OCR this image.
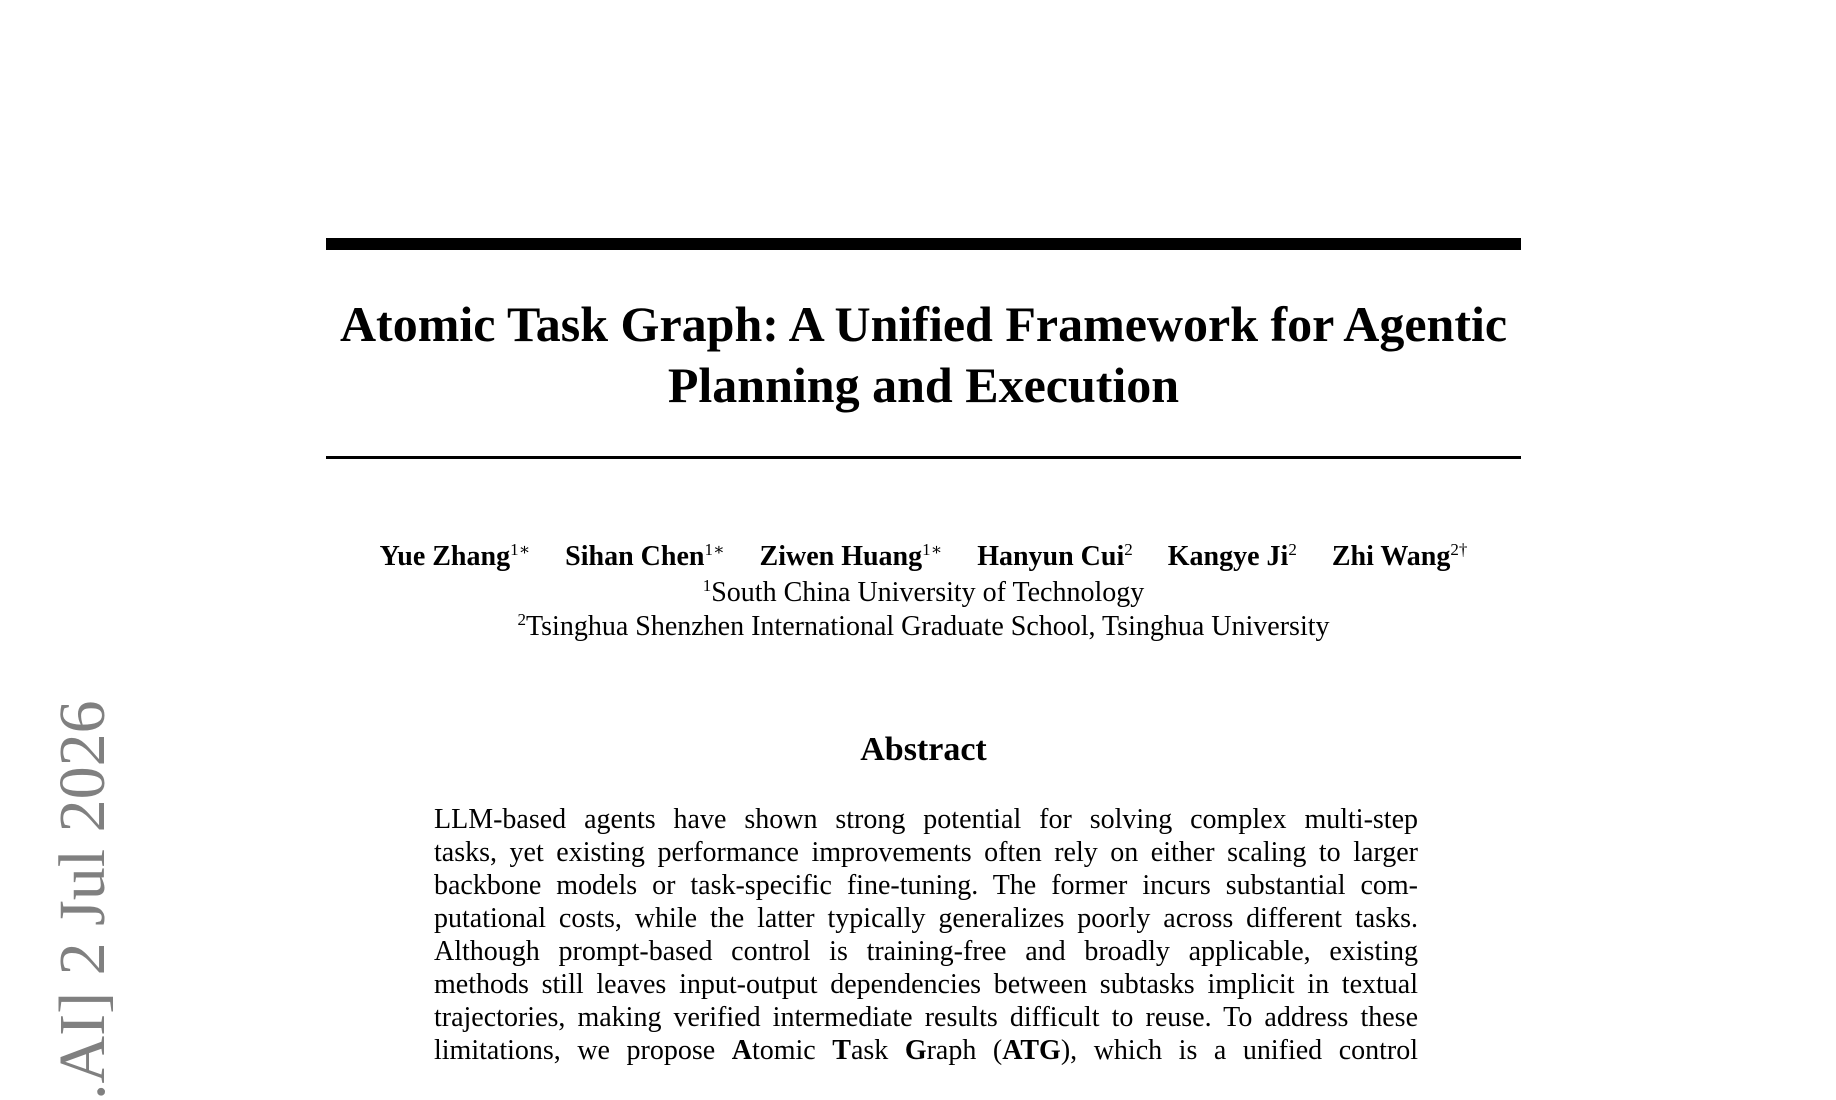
Atomic Task Graph: A Unified Framework for Agentic
Planning and Execution
Yue Zhang$^{1∗}$ Sihan Chen$^{1∗}$ Ziwen Huang$^{1∗}$ Hanyun Cui$^2$ Kangye Ji$^2$ Zhi Wang$^{2\dagger}$
$^1$South China University of Technology
$^2$Tsinghua Shenzhen International Graduate School, Tsinghua University
Abstract
LLM-based agents have shown strong potential for solving complex multi-step
tasks, yet existing performance improvements often rely on either scaling to larger
backbone models or task-specific fine-tuning. The former incurs substantial com-
putational costs, while the latter typically generalizes poorly across different tasks.
Although prompt-based control is training-free and broadly applicable, existing
methods still leaves input-output dependencies between subtasks implicit in textual
trajectories, making verified intermediate results difficult to reuse. To address these
limitations, we propose Atomic Task Graph (ATG), which is a unified control
.AI] 2 Jul 2026
